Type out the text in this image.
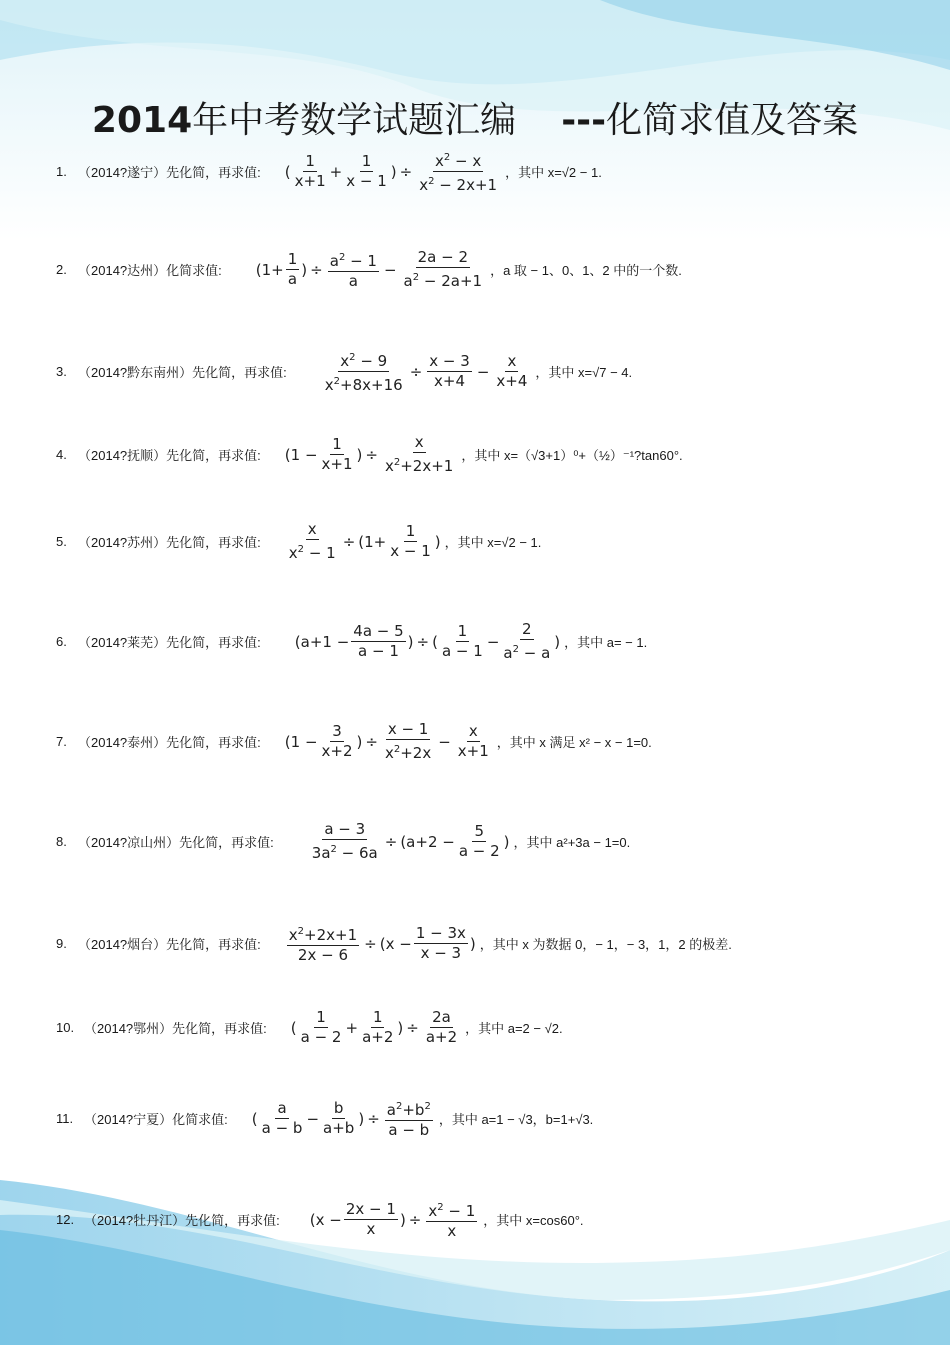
2014年中考数学试题汇编 ---化简求值及答案
1. （2014?遂宁） 先化简，再求值: ( $\frac{1}{x+1} + \frac{1}{x - 1}$ ) ÷ $\frac{x^2 - x}{x^2 - 2x+1}$ ，其中 x=√2 − 1.
2. （2014?达州） 化简求值: ($1+ \frac{1}{a}$ ) ÷ $\frac{a^2 - 1}{a} - \frac{2a - 2}{a^2 - 2a+1}$ ，a 取 − 1、0、1、2 中的一个数.
3. （2014?黔东南州） 先化简，再求值: $\frac{x^2 - 9}{x^2+8x+16} \div \frac{x - 3}{x+4} - \frac{x}{x+4}$ ，其中 x=√7 − 4.
4. （2014?抚顺） 先化简，再求值: ($1 - \frac{1}{x+1}$ ) ÷ $\frac{x}{x^2+2x+1}$ ，其中 x=（√3+1）⁰+（½）⁻¹?tan60°.
5. （2014?苏州） 先化简，再求值: $\frac{x}{x^2 - 1} \div (1+ \frac{1}{x - 1}$ ) ，其中 x=√2 − 1.
6. （2014?莱芜） 先化简，再求值: ($a+1 - \frac{4a - 5}{a - 1}$ ) ÷ ( $\frac{1}{a - 1} - \frac{2}{a^2 - a}$ ) ，其中 a= − 1.
7. （2014?泰州） 先化简，再求值: ($1 - \frac{3}{x+2}$ ) ÷ $\frac{x - 1}{x^2+2x} - \frac{x}{x+1}$ ，其中 x 满足 x² − x − 1=0.
8. （2014?凉山州） 先化简，再求值: $\frac{a - 3}{3a^2 - 6a} \div (a+2 - \frac{5}{a - 2}$ ) ，其中 a²+3a − 1=0.
9. （2014?烟台） 先化简，再求值: $\frac{x^2+2x+1}{2x - 6} \div (x - \frac{1 - 3x}{x - 3}$ ) ，其中 x 为数据 0，− 1，− 3，1，2 的极差.
10. （2014?鄂州） 先化简，再求值: ( $\frac{1}{a - 2} + \frac{1}{a+2}$ ) ÷ $\frac{2a}{a+2}$ ，其中 a=2 − √2.
11. （2014?宁夏） 化简求值: ( $\frac{a}{a - b} - \frac{b}{a+b}$ ) ÷ $\frac{a^2+b^2}{a - b}$ ，其中 a=1 − √3，b=1+√3.
12. （2014?牡丹江） 先化简，再求值: ($x - \frac{2x - 1}{x}$ ) ÷ $\frac{x^2 - 1}{x}$ ，其中 x=cos60°.
